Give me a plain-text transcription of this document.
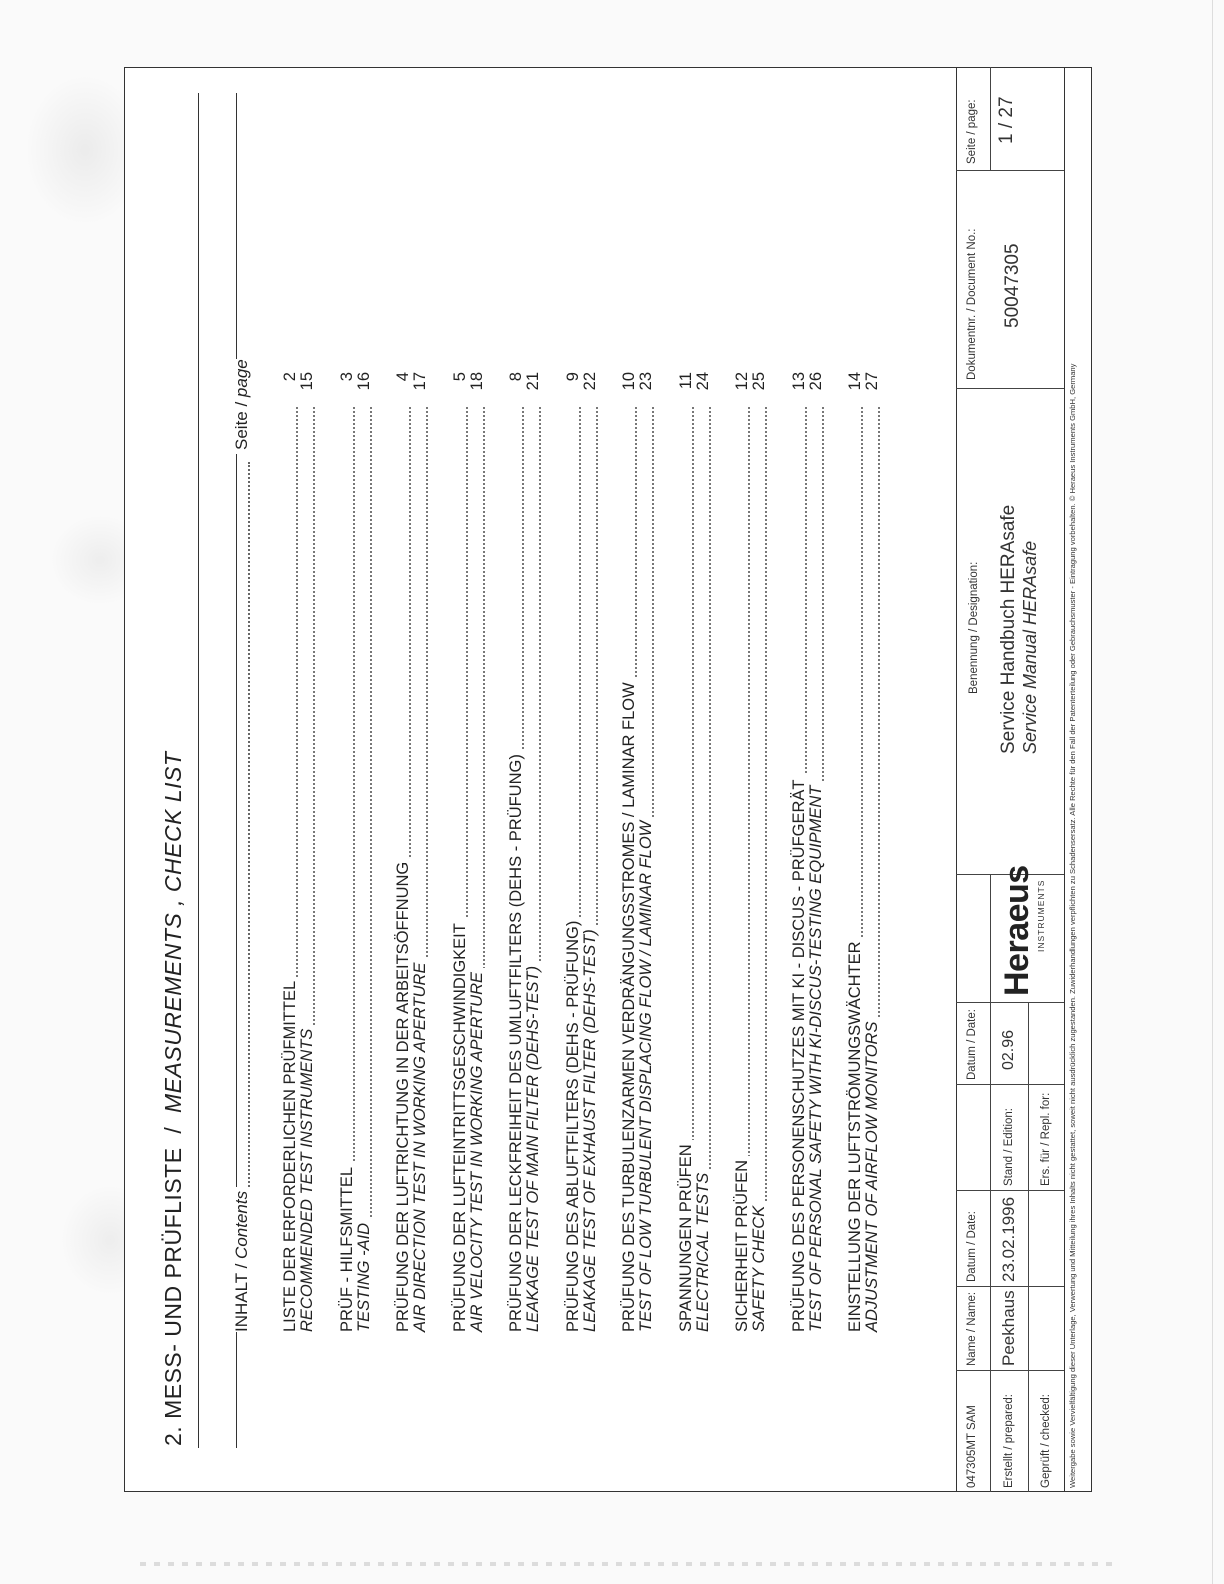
2. MESS- UND PRÜFLISTE  /  MEASUREMENTS , CHECK LIST
INHALT / Contents
Seite / page
LISTE DER ERFORDERLICHEN PRÜFMITTEL RECOMMENDED TEST INSTRUMENTS
2 15
PRÜF - HILFSMITTEL TESTING -AID
3 16
PRÜFUNG DER LUFTRICHTUNG IN DER ARBEITSÖFFNUNG AIR DIRECTION TEST IN WORKING APERTURE
4 17
PRÜFUNG DER LUFTEINTRITTSGESCHWINDIGKEIT AIR VELOCITY TEST IN WORKING APERTURE
5 18
PRÜFUNG DER LECKFREIHEIT DES UMLUFTFILTERS (DEHS - PRÜFUNG) LEAKAGE TEST OF MAIN FILTER (DEHS-TEST)
8 21
PRÜFUNG DES ABLUFTFILTERS (DEHS - PRÜFUNG) LEAKAGE TEST OF EXHAUST FILTER (DEHS-TEST)
9 22
PRÜFUNG DES TURBULENZARMEN VERDRÄNGUNGSSTROMES / LAMINAR FLOW TEST OF LOW TURBULENT DISPLACING FLOW / LAMINAR FLOW
10 23
SPANNUNGEN PRÜFEN ELECTRICAL TESTS
11 24
SICHERHEIT PRÜFEN SAFETY CHECK
12 25
PRÜFUNG DES PERSONENSCHUTZES MIT KI - DISCUS - PRÜFGERÄT TEST OF PERSONAL SAFETY WITH KI-DISCUS-TESTING EQUIPMENT
13 26
EINSTELLUNG DER LUFTSTRÖMUNGSWÄCHTER ADJUSTMENT OF AIRFLOW MONITORS
14 27
047305MT SAM Erstellt / prepared: Geprüft / checked:
Name / Name: Peekhaus
Datum / Date: 23.02.1996
Stand / Edition: Ers. für / Repl. for:
Datum / Date: 02.96
Heraeus INSTRUMENTS
Benennung / Designation: Service Handbuch HERAsafe Service Manual HERAsafe
Dokumentnr. / Document No.: 50047305
Seite / page: 1 / 27
Weitergabe sowie Vervielfältigung dieser Unterlage, Verwertung und Mitteilung ihres Inhalts nicht gestattet, soweit nicht ausdrücklich zugestanden. Zuwiderhandlungen verpflichten zu Schadensersatz. Alle Rechte für den Fall der Patenterteilung oder Gebrauchsmuster - Eintragung vorbehalten. © Heraeus Instruments GmbH, Germany
